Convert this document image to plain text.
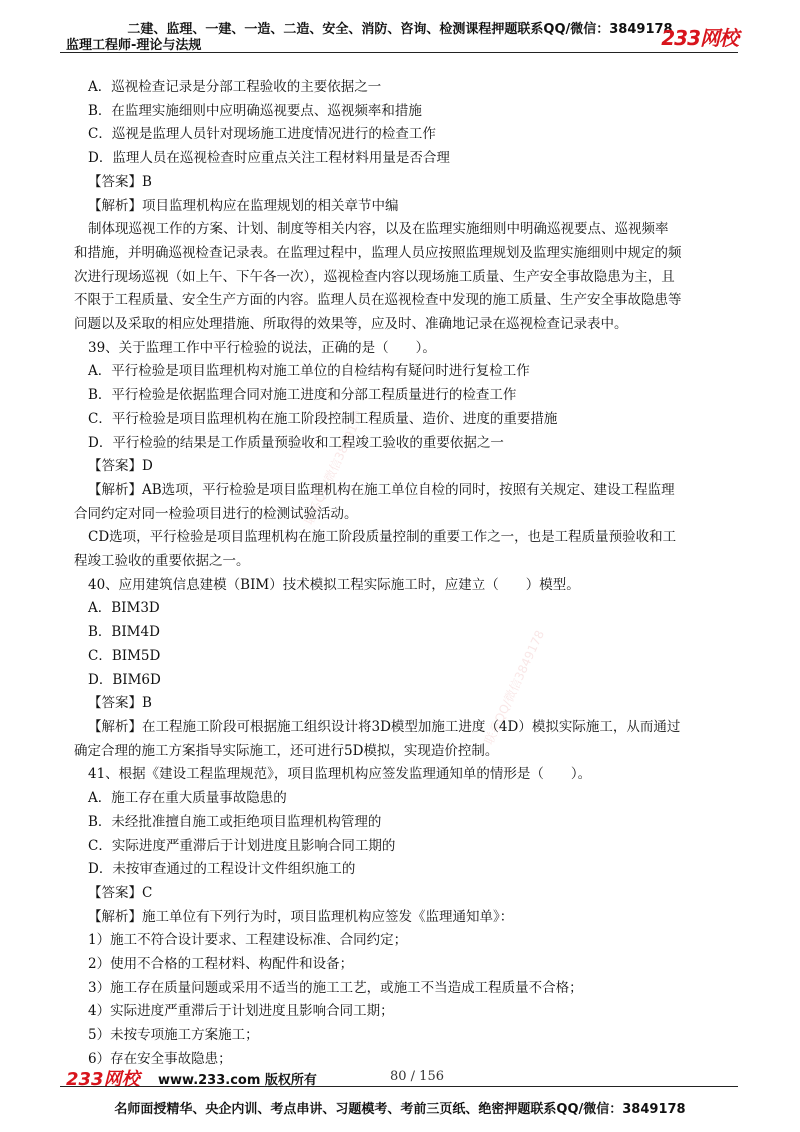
二建、监理、一建、一造、二造、安全、消防、咨询、检测课程押题联系QQ/微信：3849178
监理工程师-理论与法规	233网校
联系QQ/微信3849178
联系QQ/微信3849178
A．巡视检查记录是分部工程验收的主要依据之一
B．在监理实施细则中应明确巡视要点、巡视频率和措施
C．巡视是监理人员针对现场施工进度情况进行的检查工作
D．监理人员在巡视检查时应重点关注工程材料用量是否合理
【答案】B
【解析】项目监理机构应在监理规划的相关章节中编
制体现巡视工作的方案、计划、制度等相关内容，以及在监理实施细则中明确巡视要点、巡视频率
和措施，并明确巡视检查记录表。在监理过程中，监理人员应按照监理规划及监理实施细则中规定的频
次进行现场巡视（如上午、下午各一次），巡视检查内容以现场施工质量、生产安全事故隐患为主，且
不限于工程质量、安全生产方面的内容。监理人员在巡视检查中发现的施工质量、生产安全事故隐患等
问题以及采取的相应处理措施、所取得的效果等，应及时、准确地记录在巡视检查记录表中。
39、关于监理工作中平行检验的说法，正确的是（　　）。
A．平行检验是项目监理机构对施工单位的自检结构有疑问时进行复检工作
B．平行检验是依据监理合同对施工进度和分部工程质量进行的检查工作
C．平行检验是项目监理机构在施工阶段控制工程质量、造价、进度的重要措施
D．平行检验的结果是工作质量预验收和工程竣工验收的重要依据之一
【答案】D
【解析】AB选项，平行检验是项目监理机构在施工单位自检的同时，按照有关规定、建设工程监理
合同约定对同一检验项目进行的检测试验活动。
CD选项，平行检验是项目监理机构在施工阶段质量控制的重要工作之一，也是工程质量预验收和工
程竣工验收的重要依据之一。
40、应用建筑信息建模（BIM）技术模拟工程实际施工时，应建立（　　）模型。
A．BIM3D
B．BIM4D
C．BIM5D
D．BIM6D
【答案】B
【解析】在工程施工阶段可根据施工组织设计将3D模型加施工进度（4D）模拟实际施工，从而通过
确定合理的施工方案指导实际施工，还可进行5D模拟，实现造价控制。
41、根据《建设工程监理规范》，项目监理机构应签发监理通知单的情形是（　　）。
A．施工存在重大质量事故隐患的
B．未经批准擅自施工或拒绝项目监理机构管理的
C．实际进度严重滞后于计划进度且影响合同工期的
D．未按审查通过的工程设计文件组织施工的
【答案】C
【解析】施工单位有下列行为时，项目监理机构应签发《监理通知单》：
1）施工不符合设计要求、工程建设标准、合同约定；
2）使用不合格的工程材料、构配件和设备；
3）施工存在质量问题或采用不适当的施工工艺，或施工不当造成工程质量不合格；
4）实际进度严重滞后于计划进度且影响合同工期；
5）未按专项施工方案施工；
6）存在安全事故隐患；
233网校 www.233.com 版权所有	80 / 156
名师面授精华、央企内训、考点串讲、习题模考、考前三页纸、绝密押题联系QQ/微信：3849178
